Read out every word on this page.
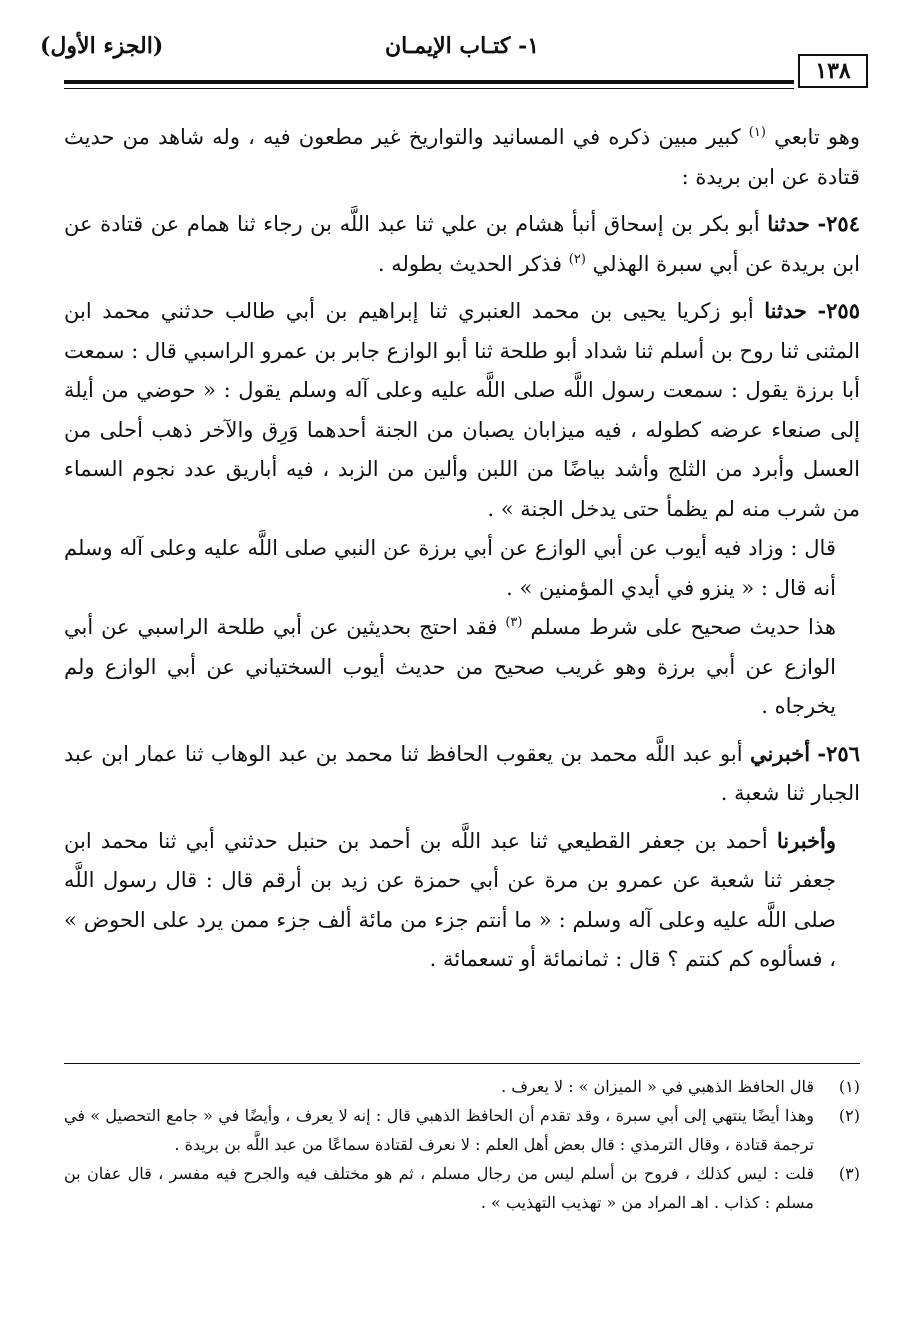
(الجزء الأول)	١- كتـاب الإيمـان
١٣٨

وهو تابعي $^{(١)}$ كبير مبين ذكره في المسانيد والتواريخ غير مطعون فيه ، وله شاهد من حديث قتادة عن ابن بريدة :

٢٥٤- حدثنا أبو بكر بن إسحاق أنبأ هشام بن علي ثنا عبد اللَّه بن رجاء ثنا همام عن قتادة عن ابن بريدة عن أبي سبرة الهذلي $^{(٢)}$ فذكر الحديث بطوله .

٢٥٥- حدثنا أبو زكريا يحيى بن محمد العنبري ثنا إبراهيم بن أبي طالب حدثني محمد ابن المثنى ثنا روح بن أسلم ثنا شداد أبو طلحة ثنا أبو الوازع جابر بن عمرو الراسبي قال : سمعت أبا برزة يقول : سمعت رسول اللَّه صلى اللَّه عليه وعلى آله وسلم يقول : « حوضي من أيلة إلى صنعاء عرضه كطوله ، فيه ميزابان يصبان من الجنة أحدهما وَرِق والآخر ذهب أحلى من العسل وأبرد من الثلج وأشد بياضًا من اللبن وألين من الزبد ، فيه أباريق عدد نجوم السماء من شرب منه لم يظمأ حتى يدخل الجنة » .

قال : وزاد فيه أيوب عن أبي الوازع عن أبي برزة عن النبي صلى اللَّه عليه وعلى آله وسلم أنه قال : « ينزو في أيدي المؤمنين » .

هذا حديث صحيح على شرط مسلم $^{(٣)}$ فقد احتج بحديثين عن أبي طلحة الراسبي عن أبي الوازع عن أبي برزة وهو غريب صحيح من حديث أيوب السختياني عن أبي الوازع ولم يخرجاه .

٢٥٦- أخبرني أبو عبد اللَّه محمد بن يعقوب الحافظ ثنا محمد بن عبد الوهاب ثنا عمار ابن عبد الجبار ثنا شعبة .

وأخبرنا أحمد بن جعفر القطيعي ثنا عبد اللَّه بن أحمد بن حنبل حدثني أبي ثنا محمد ابن جعفر ثنا شعبة عن عمرو بن مرة عن أبي حمزة عن زيد بن أرقم قال : قال رسول اللَّه صلى اللَّه عليه وعلى آله وسلم : « ما أنتم جزء من مائة ألف جزء ممن يرد على الحوض » ، فسألوه كم كنتم ؟ قال : ثمانمائة أو تسعمائة .

(١)
قال الحافظ الذهبي في « الميزان » : لا يعرف .
(٢)
وهذا أيضًا ينتهي إلى أبي سبرة ، وقد تقدم أن الحافظ الذهبي قال : إنه لا يعرف ، وأيضًا في « جامع التحصيل » في ترجمة قتادة ، وقال الترمذي : قال بعض أهل العلم : لا نعرف لقتادة سماعًا من عبد اللَّه بن بريدة .
(٣)
قلت : ليس كذلك ، فروح بن أسلم ليس من رجال مسلم ، ثم هو مختلف فيه والجرح فيه مفسر ، قال عفان بن مسلم : كذاب . اهـ المراد من « تهذيب التهذيب » .
